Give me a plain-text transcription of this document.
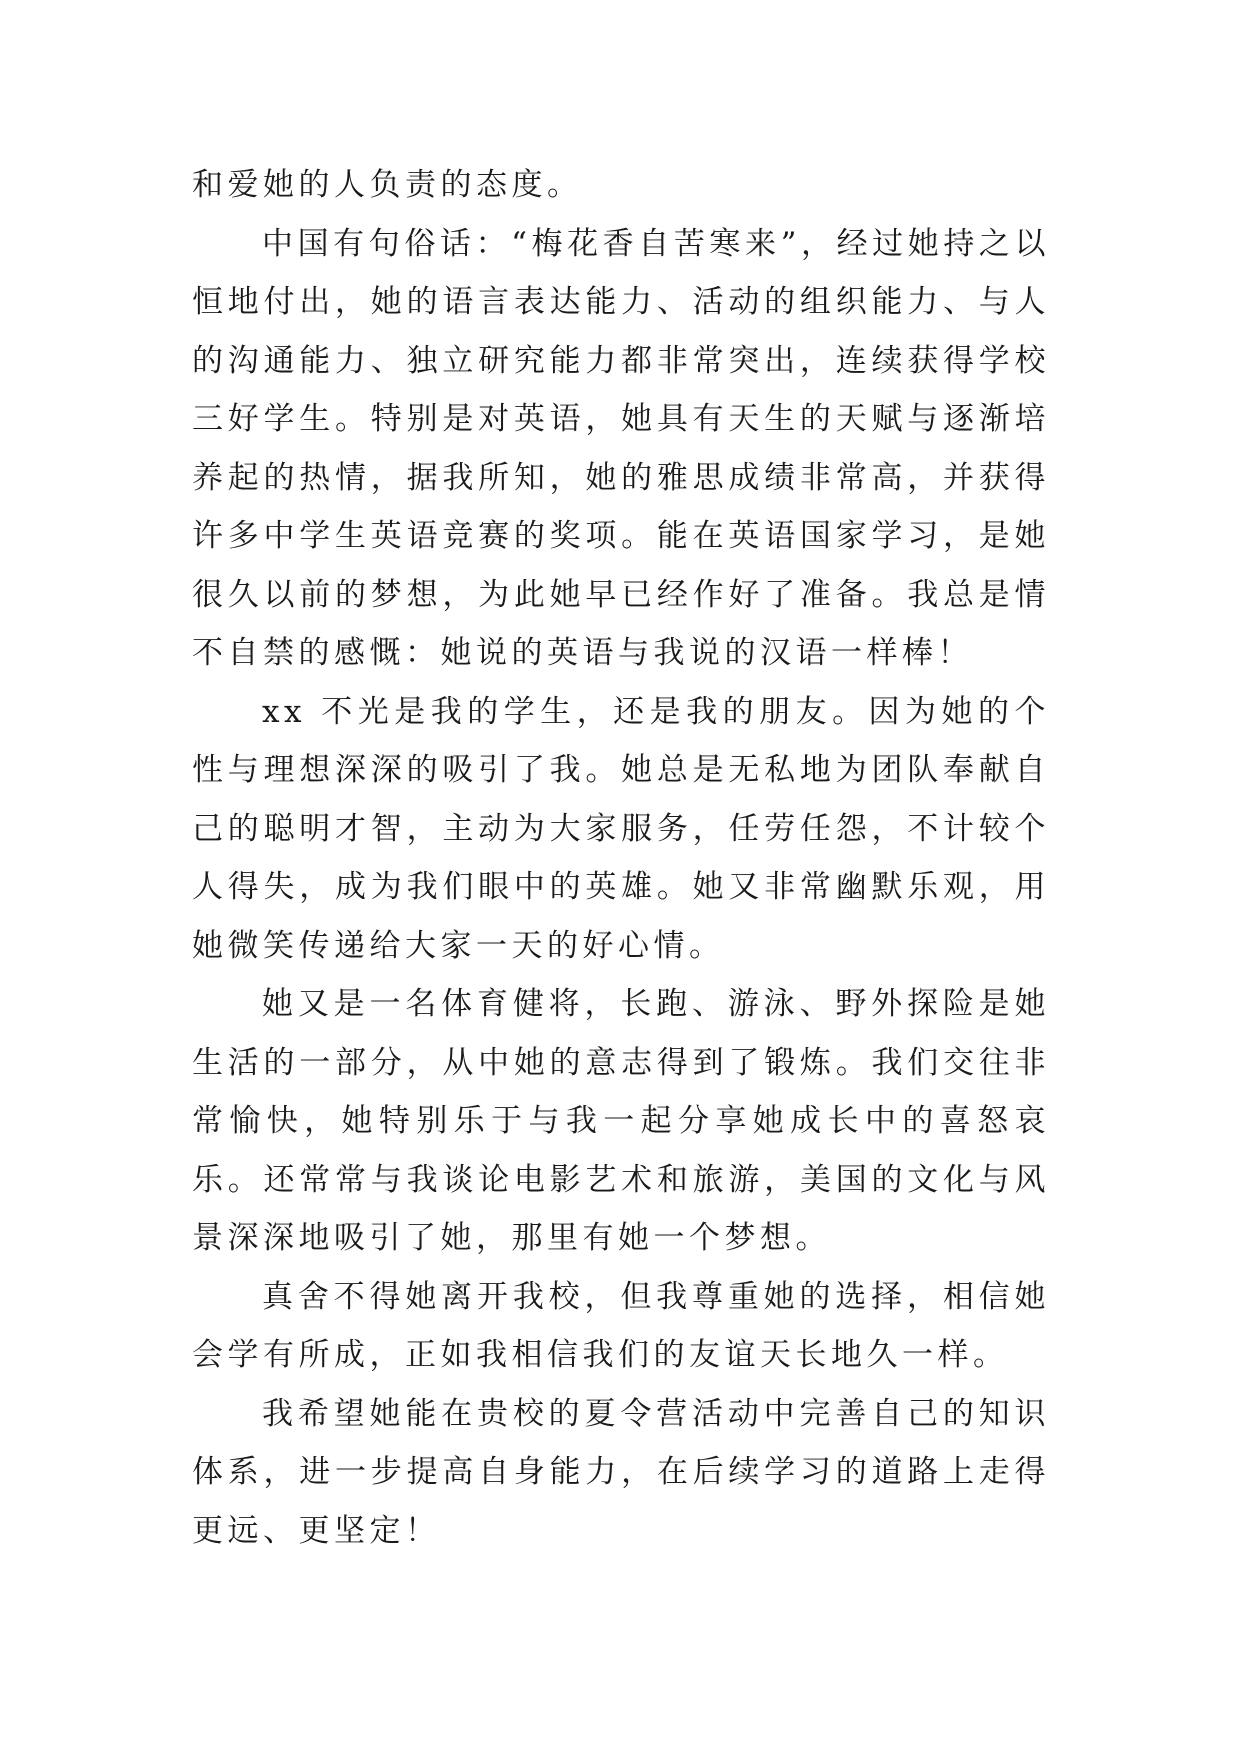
和爱她的人负责的态度。

中国有句俗话：“梅花香自苦寒来”，经过她持之以恒地付出，她的语言表达能力、活动的组织能力、与人的沟通能力、独立研究能力都非常突出，连续获得学校三好学生。特别是对英语，她具有天生的天赋与逐渐培养起的热情，据我所知，她的雅思成绩非常高，并获得许多中学生英语竞赛的奖项。能在英语国家学习，是她很久以前的梦想，为此她早已经作好了准备。我总是情不自禁的感慨：她说的英语与我说的汉语一样棒！

xx 不光是我的学生，还是我的朋友。因为她的个性与理想深深的吸引了我。她总是无私地为团队奉献自己的聪明才智，主动为大家服务，任劳任怨，不计较个人得失，成为我们眼中的英雄。她又非常幽默乐观，用她微笑传递给大家一天的好心情。

她又是一名体育健将，长跑、游泳、野外探险是她生活的一部分，从中她的意志得到了锻炼。我们交往非常愉快，她特别乐于与我一起分享她成长中的喜怒哀乐。还常常与我谈论电影艺术和旅游，美国的文化与风景深深地吸引了她，那里有她一个梦想。

真舍不得她离开我校，但我尊重她的选择，相信她会学有所成，正如我相信我们的友谊天长地久一样。

我希望她能在贵校的夏令营活动中完善自己的知识体系，进一步提高自身能力，在后续学习的道路上走得更远、更坚定！
